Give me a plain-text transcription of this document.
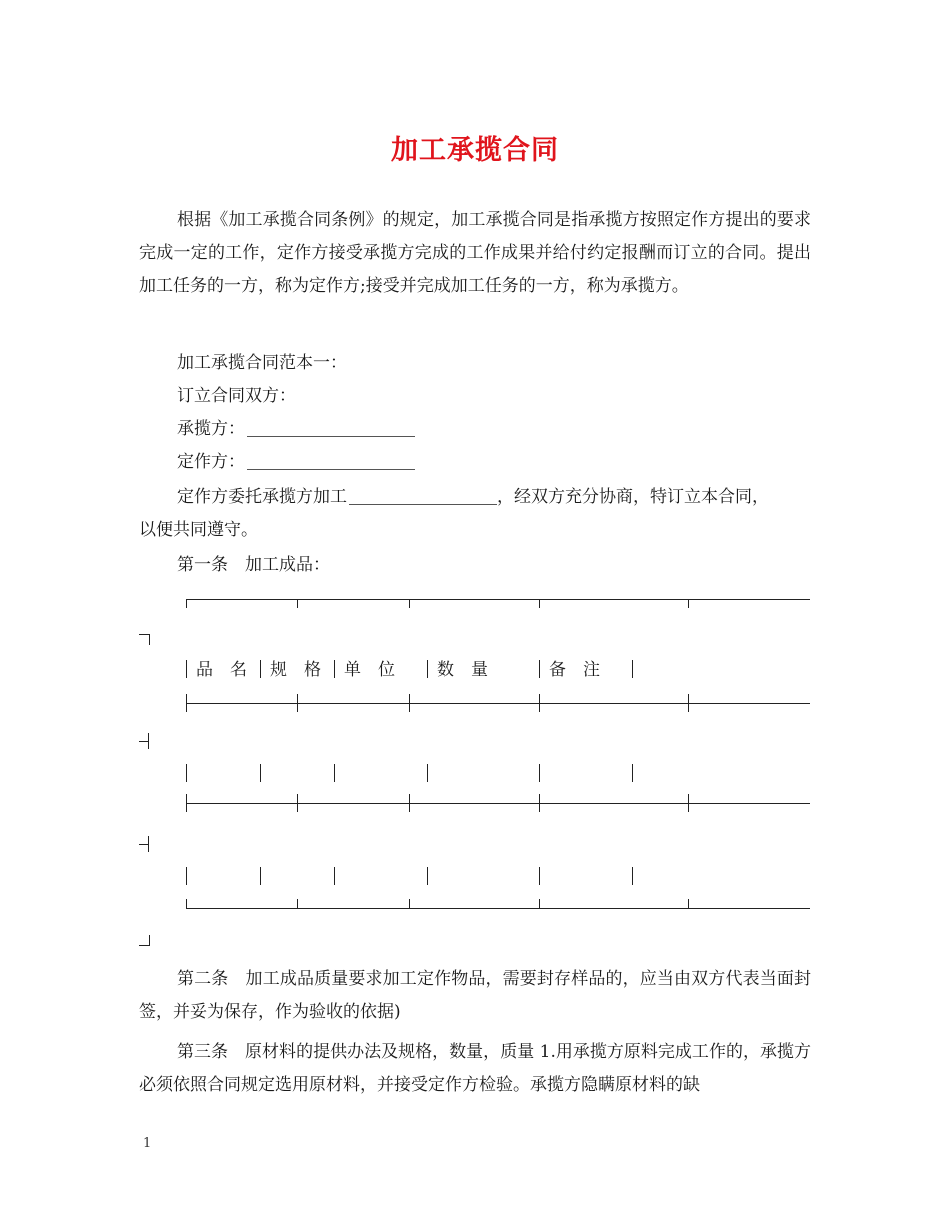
加工承揽合同
根据《加工承揽合同条例》的规定，加工承揽合同是指承揽方按照定作方提出的要求完成一定的工作，定作方接受承揽方完成的工作成果并给付约定报酬而订立的合同。提出加工任务的一方，称为定作方;接受并完成加工任务的一方，称为承揽方。
加工承揽合同范本一：
订立合同双方：
承揽方：
定作方：
定作方委托承揽方加工	，经双方充分协商，特订立本合同，
以便共同遵守。
第一条　加工成品：
品　名 规　格 单　位 数　量	备　注
第二条　加工成品质量要求加工定作物品，需要封存样品的，应当由双方代表当面封签，并妥为保存，作为验收的依据)
第三条　原材料的提供办法及规格，数量，质量 1.用承揽方原料完成工作的，承揽方必须依照合同规定选用原材料，并接受定作方检验。承揽方隐瞒原材料的缺
1
